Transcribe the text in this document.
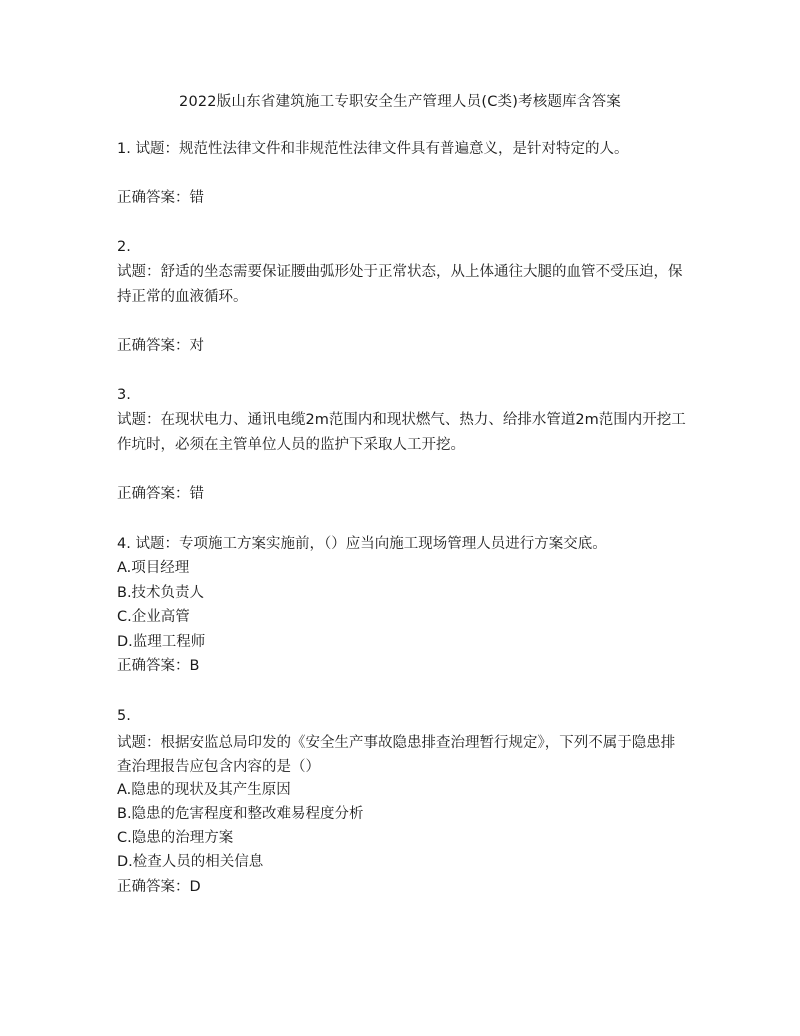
2022版山东省建筑施工专职安全生产管理人员(C类)考核题库含答案
1. 试题：规范性法律文件和非规范性法律文件具有普遍意义，是针对特定的人。
正确答案：错
2.
试题：舒适的坐态需要保证腰曲弧形处于正常状态，从上体通往大腿的血管不受压迫，保
持正常的血液循环。
正确答案：对
3.
试题：在现状电力、通讯电缆2m范围内和现状燃气、热力、给排水管道2m范围内开挖工
作坑时，必须在主管单位人员的监护下采取人工开挖。
正确答案：错
4. 试题：专项施工方案实施前，（）应当向施工现场管理人员进行方案交底。
A.项目经理
B.技术负责人
C.企业高管
D.监理工程师
正确答案：B
5.
试题：根据安监总局印发的《安全生产事故隐患排查治理暂行规定》，下列不属于隐患排
查治理报告应包含内容的是（）
A.隐患的现状及其产生原因
B.隐患的危害程度和整改难易程度分析
C.隐患的治理方案
D.检查人员的相关信息
正确答案：D
